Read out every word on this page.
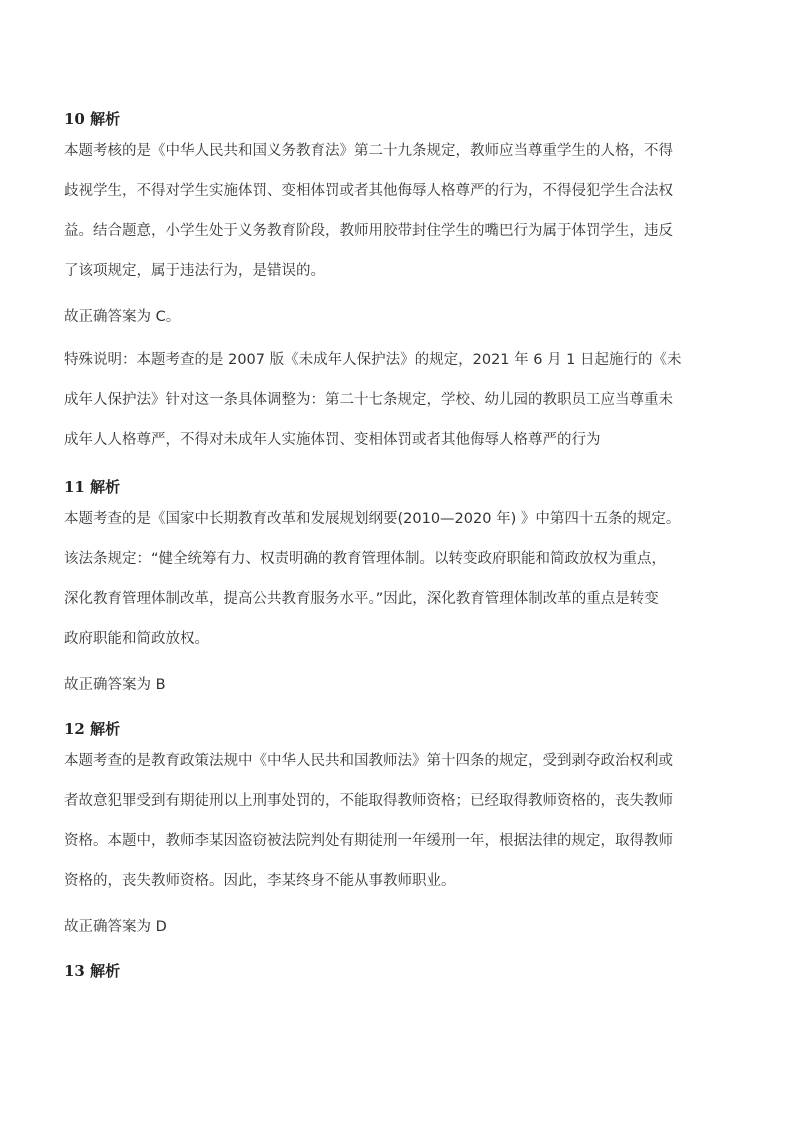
10 解析
本题考核的是《中华人民共和国义务教育法》第二十九条规定，教师应当尊重学生的人格，不得
歧视学生，不得对学生实施体罚、变相体罚或者其他侮辱人格尊严的行为，不得侵犯学生合法权
益。结合题意，小学生处于义务教育阶段，教师用胶带封住学生的嘴巴行为属于体罚学生，违反
了该项规定，属于违法行为，是错误的。
故正确答案为 C。
特殊说明：本题考查的是 2007 版《未成年人保护法》的规定，2021 年 6 月 1 日起施行的《未
成年人保护法》针对这一条具体调整为：第二十七条规定，学校、幼儿园的教职员工应当尊重未
成年人人格尊严，不得对未成年人实施体罚、变相体罚或者其他侮辱人格尊严的行为
11 解析
本题考查的是《国家中长期教育改革和发展规划纲要(2010—2020 年) 》中第四十五条的规定。
该法条规定：“健全统筹有力、权责明确的教育管理体制。以转变政府职能和简政放权为重点，
深化教育管理体制改革，提高公共教育服务水平。”因此，深化教育管理体制改革的重点是转变
政府职能和简政放权。
故正确答案为 B
12 解析
本题考查的是教育政策法规中《中华人民共和国教师法》第十四条的规定，受到剥夺政治权利或
者故意犯罪受到有期徒刑以上刑事处罚的，不能取得教师资格；已经取得教师资格的，丧失教师
资格。本题中，教师李某因盗窃被法院判处有期徒刑一年缓刑一年，根据法律的规定，取得教师
资格的，丧失教师资格。因此，李某终身不能从事教师职业。
故正确答案为 D
13 解析
